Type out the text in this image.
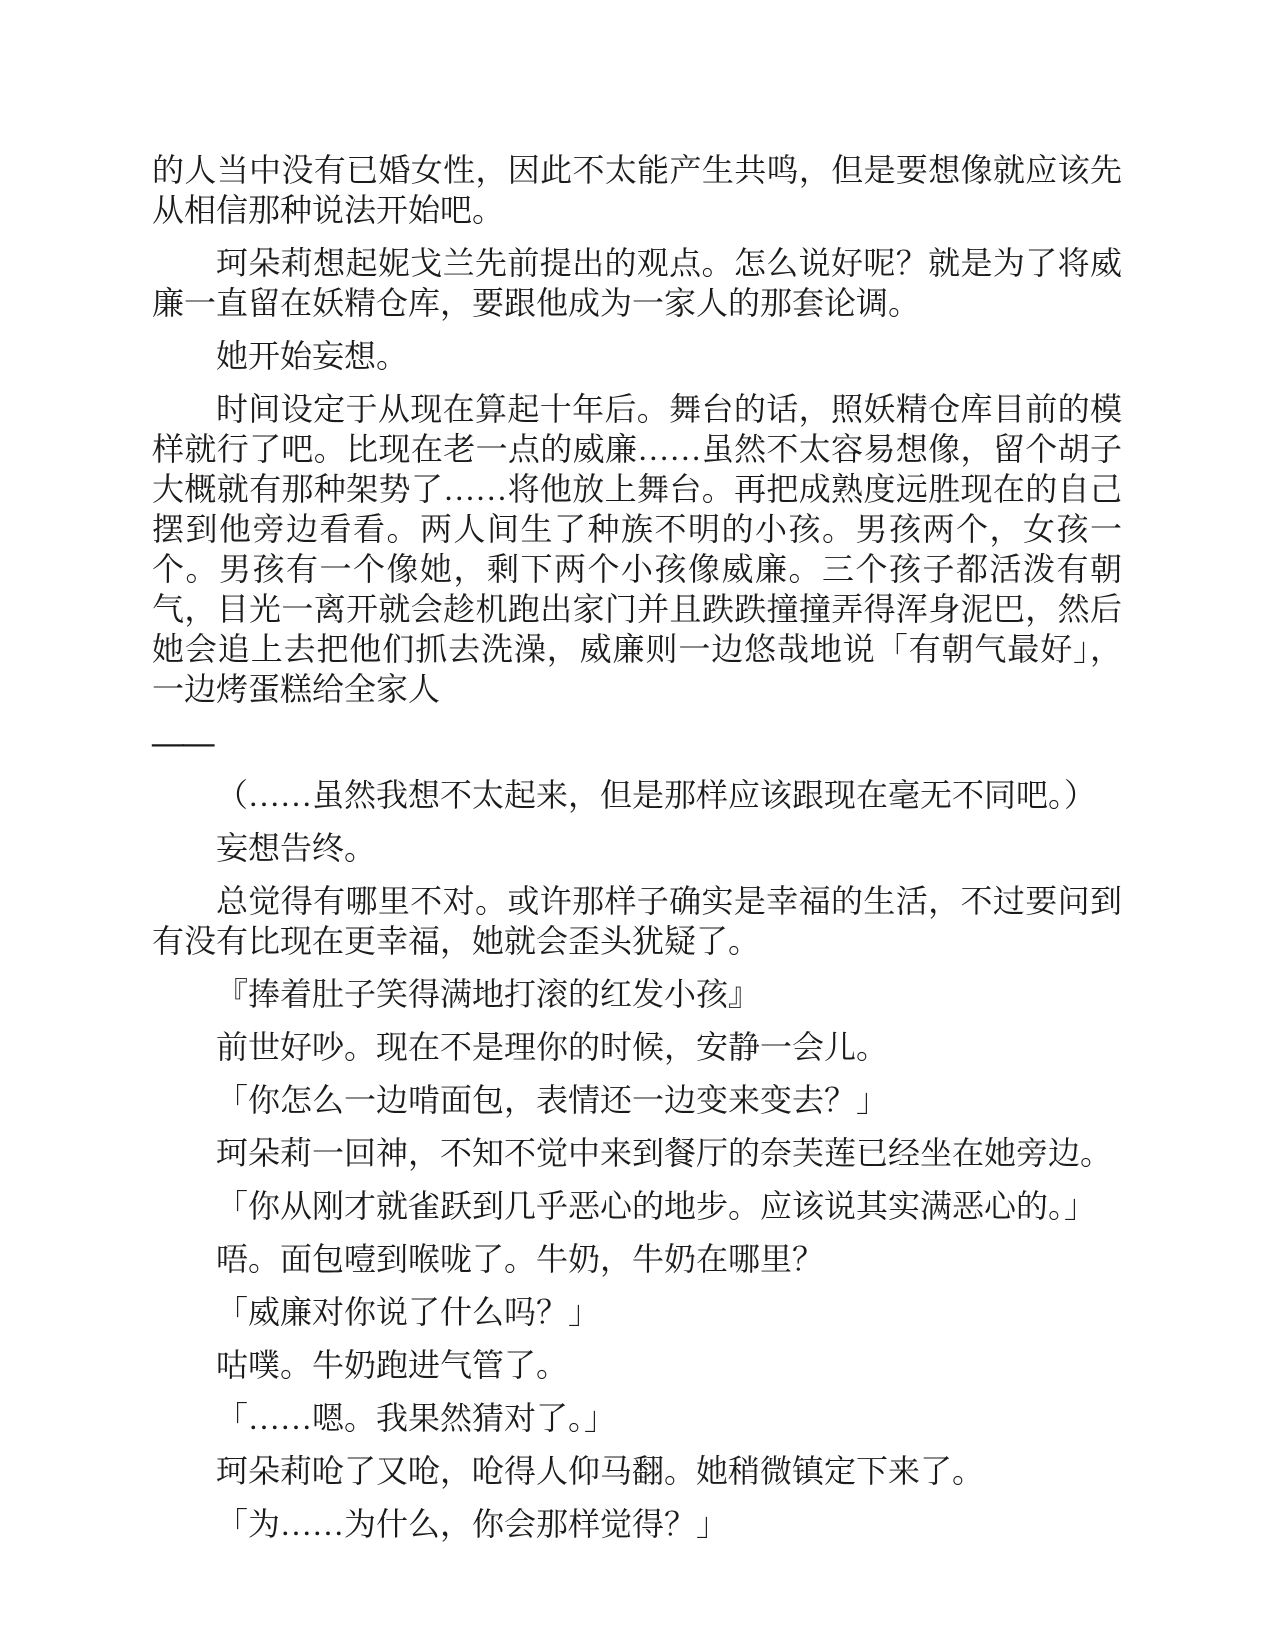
的人当中没有已婚女性，因此不太能产生共鸣，但是要想像就应该先从相信那种说法开始吧。

珂朵莉想起妮戈兰先前提出的观点。怎么说好呢？就是为了将威廉一直留在妖精仓库，要跟他成为一家人的那套论调。

她开始妄想。

时间设定于从现在算起十年后。舞台的话，照妖精仓库目前的模样就行了吧。比现在老一点的威廉……虽然不太容易想像，留个胡子大概就有那种架势了……将他放上舞台。再把成熟度远胜现在的自己摆到他旁边看看。两人间生了种族不明的小孩。男孩两个，女孩一个。男孩有一个像她，剩下两个小孩像威廉。三个孩子都活泼有朝气，目光一离开就会趁机跑出家门并且跌跌撞撞弄得浑身泥巴，然后她会追上去把他们抓去洗澡，威廉则一边悠哉地说「有朝气最好」，一边烤蛋糕给全家人

——

（……虽然我想不太起来，但是那样应该跟现在毫无不同吧。）

妄想告终。

总觉得有哪里不对。或许那样子确实是幸福的生活，不过要问到有没有比现在更幸福，她就会歪头犹疑了。

『捧着肚子笑得满地打滚的红发小孩』

前世好吵。现在不是理你的时候，安静一会儿。

「你怎么一边啃面包，表情还一边变来变去？」

珂朵莉一回神，不知不觉中来到餐厅的奈芙莲已经坐在她旁边。

「你从刚才就雀跃到几乎恶心的地步。应该说其实满恶心的。」

唔。面包噎到喉咙了。牛奶，牛奶在哪里？

「威廉对你说了什么吗？」

咕噗。牛奶跑进气管了。

「……嗯。我果然猜对了。」

珂朵莉呛了又呛，呛得人仰马翻。她稍微镇定下来了。

「为……为什么，你会那样觉得？」
